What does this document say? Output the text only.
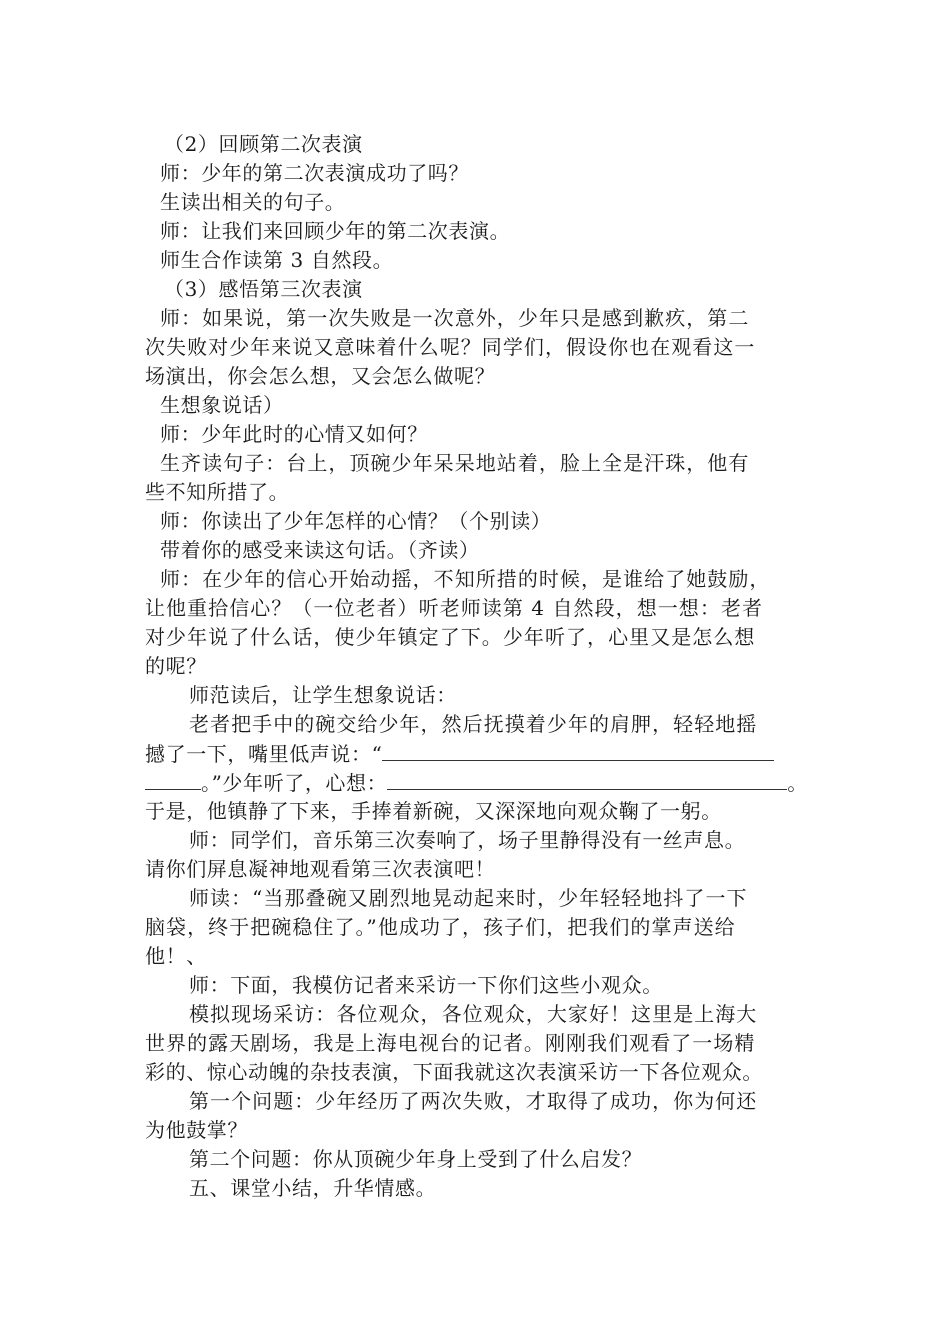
（2）回顾第二次表演
师：少年的第二次表演成功了吗？
生读出相关的句子。
师：让我们来回顾少年的第二次表演。
师生合作读第 3 自然段。
（3）感悟第三次表演
师：如果说，第一次失败是一次意外，少年只是感到歉疚，第二
次失败对少年来说又意味着什么呢？同学们，假设你也在观看这一
场演出，你会怎么想，又会怎么做呢？
生想象说话）
师：少年此时的心情又如何？
生齐读句子：台上，顶碗少年呆呆地站着，脸上全是汗珠，他有
些不知所措了。
师：你读出了少年怎样的心情？（个别读）
带着你的感受来读这句话。（齐读）
师：在少年的信心开始动摇，不知所措的时候，是谁给了她鼓励，
让他重拾信心？（一位老者）听老师读第 4 自然段，想一想：老者
对少年说了什么话，使少年镇定了下。少年听了，心里又是怎么想
的呢？
师范读后，让学生想象说话：
老者把手中的碗交给少年，然后抚摸着少年的肩胛，轻轻地摇
撼了一下，嘴里低声说：“
。”少年听了，心想：	。
于是，他镇静了下来，手捧着新碗，又深深地向观众鞠了一躬。
师：同学们，音乐第三次奏响了，场子里静得没有一丝声息。
请你们屏息凝神地观看第三次表演吧！
师读：“当那叠碗又剧烈地晃动起来时，少年轻轻地抖了一下
脑袋，终于把碗稳住了。”他成功了，孩子们，把我们的掌声送给
他！、
师：下面，我模仿记者来采访一下你们这些小观众。
模拟现场采访：各位观众，各位观众，大家好！这里是上海大
世界的露天剧场，我是上海电视台的记者。刚刚我们观看了一场精
彩的、惊心动魄的杂技表演，下面我就这次表演采访一下各位观众。
第一个问题：少年经历了两次失败，才取得了成功，你为何还
为他鼓掌？
第二个问题：你从顶碗少年身上受到了什么启发？
五、课堂小结，升华情感。
